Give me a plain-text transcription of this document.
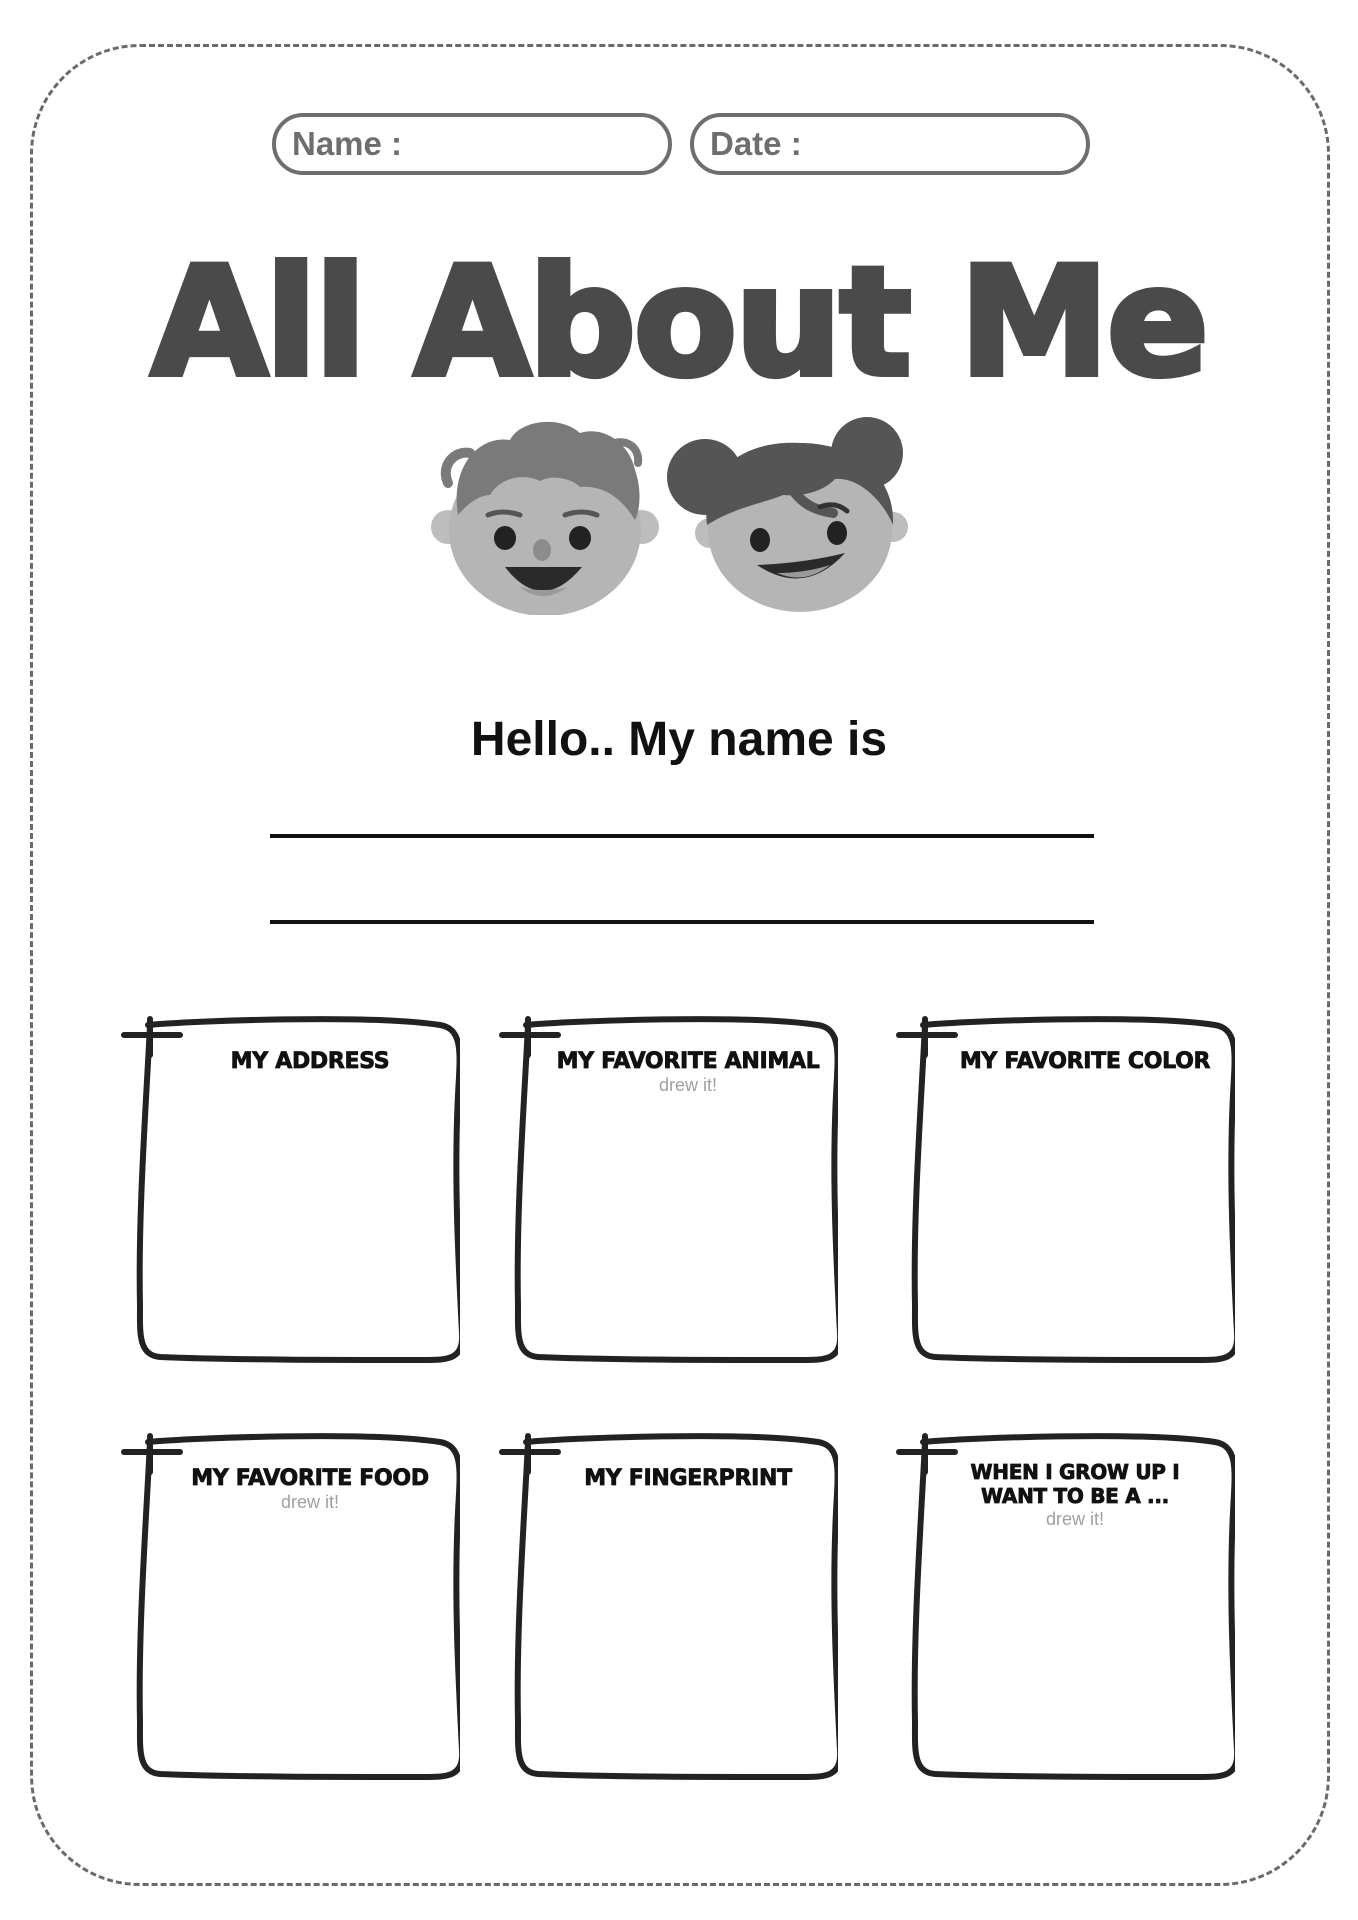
Name :	Date :
All About Me
Hello.. My name is
MY ADDRESS	MY FAVORITE ANIMAL
drew it!
MY FAVORITE COLOR
MY FAVORITE FOOD
drew it!
MY FINGERPRINT	WHEN I GROW UP I WANT TO BE A ...
drew it!
